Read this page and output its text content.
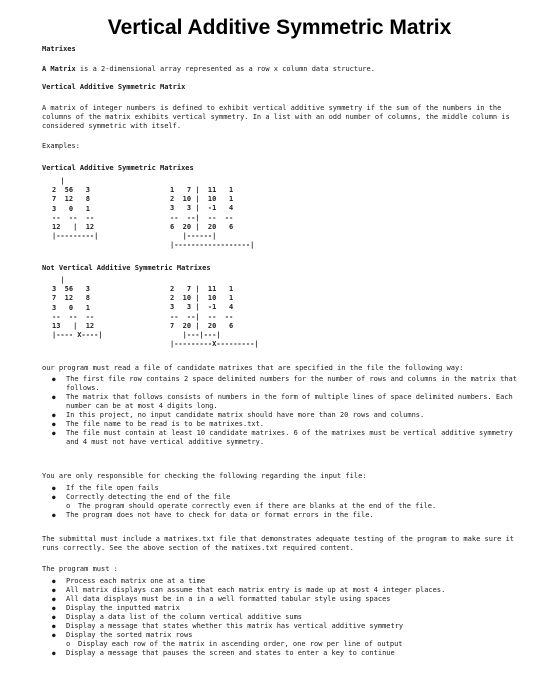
Vertical Additive Symmetric Matrix
Matrixes
A Matrix is a 2-dimensional array represented as a row x column data structure.
Vertical Additive Symmetric Matrix
A matrix of integer numbers is defined to exhibit vertical additive symmetry if the sum of the numbers in the columns of the matrix exhibits vertical symmetry. In a list with an odd number of columns, the middle column is considered symmetric with itself.
Examples:
Vertical Additive Symmetric Matrixes
|
2  56   3
7  12   8
3   0   1
--  --  --
12   |  12
|---------|
1   7 |  11   1
2  10 |  10   1
3   3 |  -1   4
--  --|  --  --
6  20 |  20   6
|------|
|------------------|
Not Vertical Additive Symmetric Matrixes
|
3  56   3
7  12   8
3   0   1
--  --  --
13   |  12
|---- X----|
2   7 |  11   1
2  10 |  10   1
3   3 |  -1   4
--  --|  --  --
7  20 |  20   6
|---|---|
|---------X---------|
our program must read a file of candidate matrixes that are specified in the file the following way:
● The first file row contains 2 space delimited numbers for the number of rows and columns in the matrix that follows.
● The matrix that follows consists of numbers in the form of multiple lines of space delimited numbers. Each number can be at most 4 digits long.
● In this project, no input candidate matrix should have more than 20 rows and columns.
● The file name to be read is to be matrixes.txt.
● The file must contain at least 10 candidate matrixes. 6 of the matrixes must be vertical additive symmetry and 4 must not have vertical additive symmetry.
You are only responsible for checking the following regarding the input file:
● If the file open fails
● Correctly detecting the end of the file
o The program should operate correctly even if there are blanks at the end of the file.
● The program does not have to check for data or format errors in the file.
The submittal must include a matrixes.txt file that demonstrates adequate testing of the program to make sure it runs correctly. See the above section of the matixes.txt required content.
The program must :
● Process each matrix one at a time
● All matrix displays can assume that each matrix entry is made up at most 4 integer places.
● All data displays must be in a in a well formatted tabular style using spaces
● Display the inputted matrix
● Display a data list of the column vertical additive sums
● Display a message that states whether this matrix has vertical additive symmetry
● Display the sorted matrix rows
o Display each row of the matrix in ascending order, one row per line of output
● Display a message that pauses the screen and states to enter a key to continue
